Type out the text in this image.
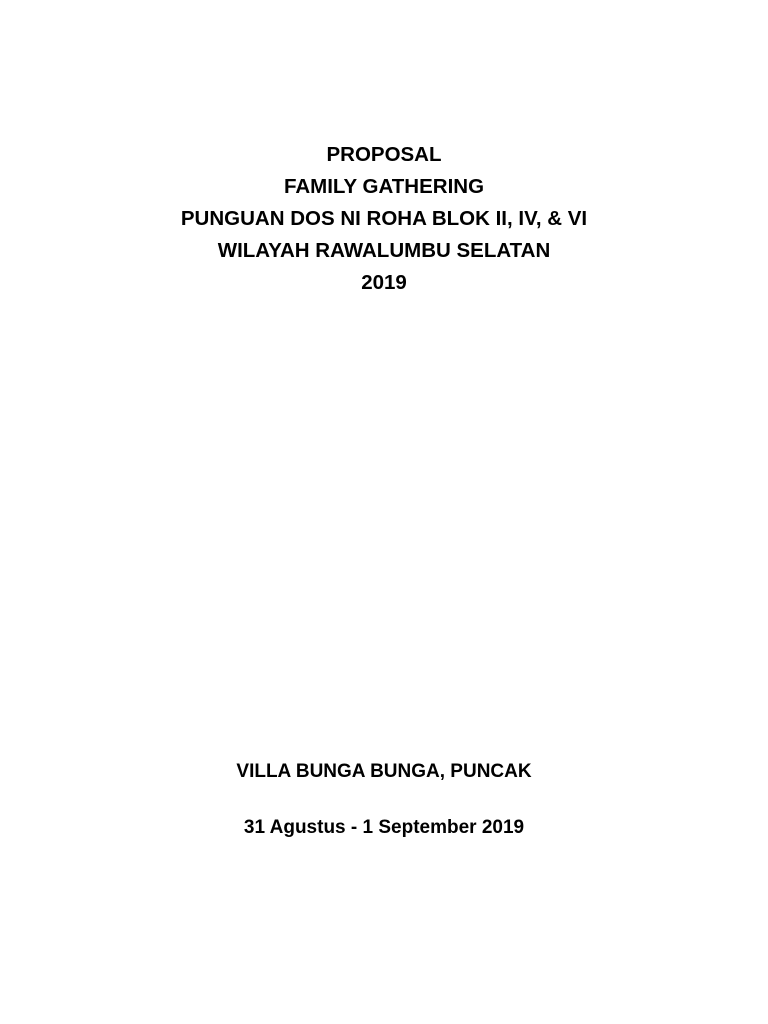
PROPOSAL
FAMILY GATHERING
PUNGUAN DOS NI ROHA BLOK II, IV, & VI
WILAYAH RAWALUMBU SELATAN
2019
VILLA BUNGA BUNGA, PUNCAK
31 Agustus - 1 September 2019
